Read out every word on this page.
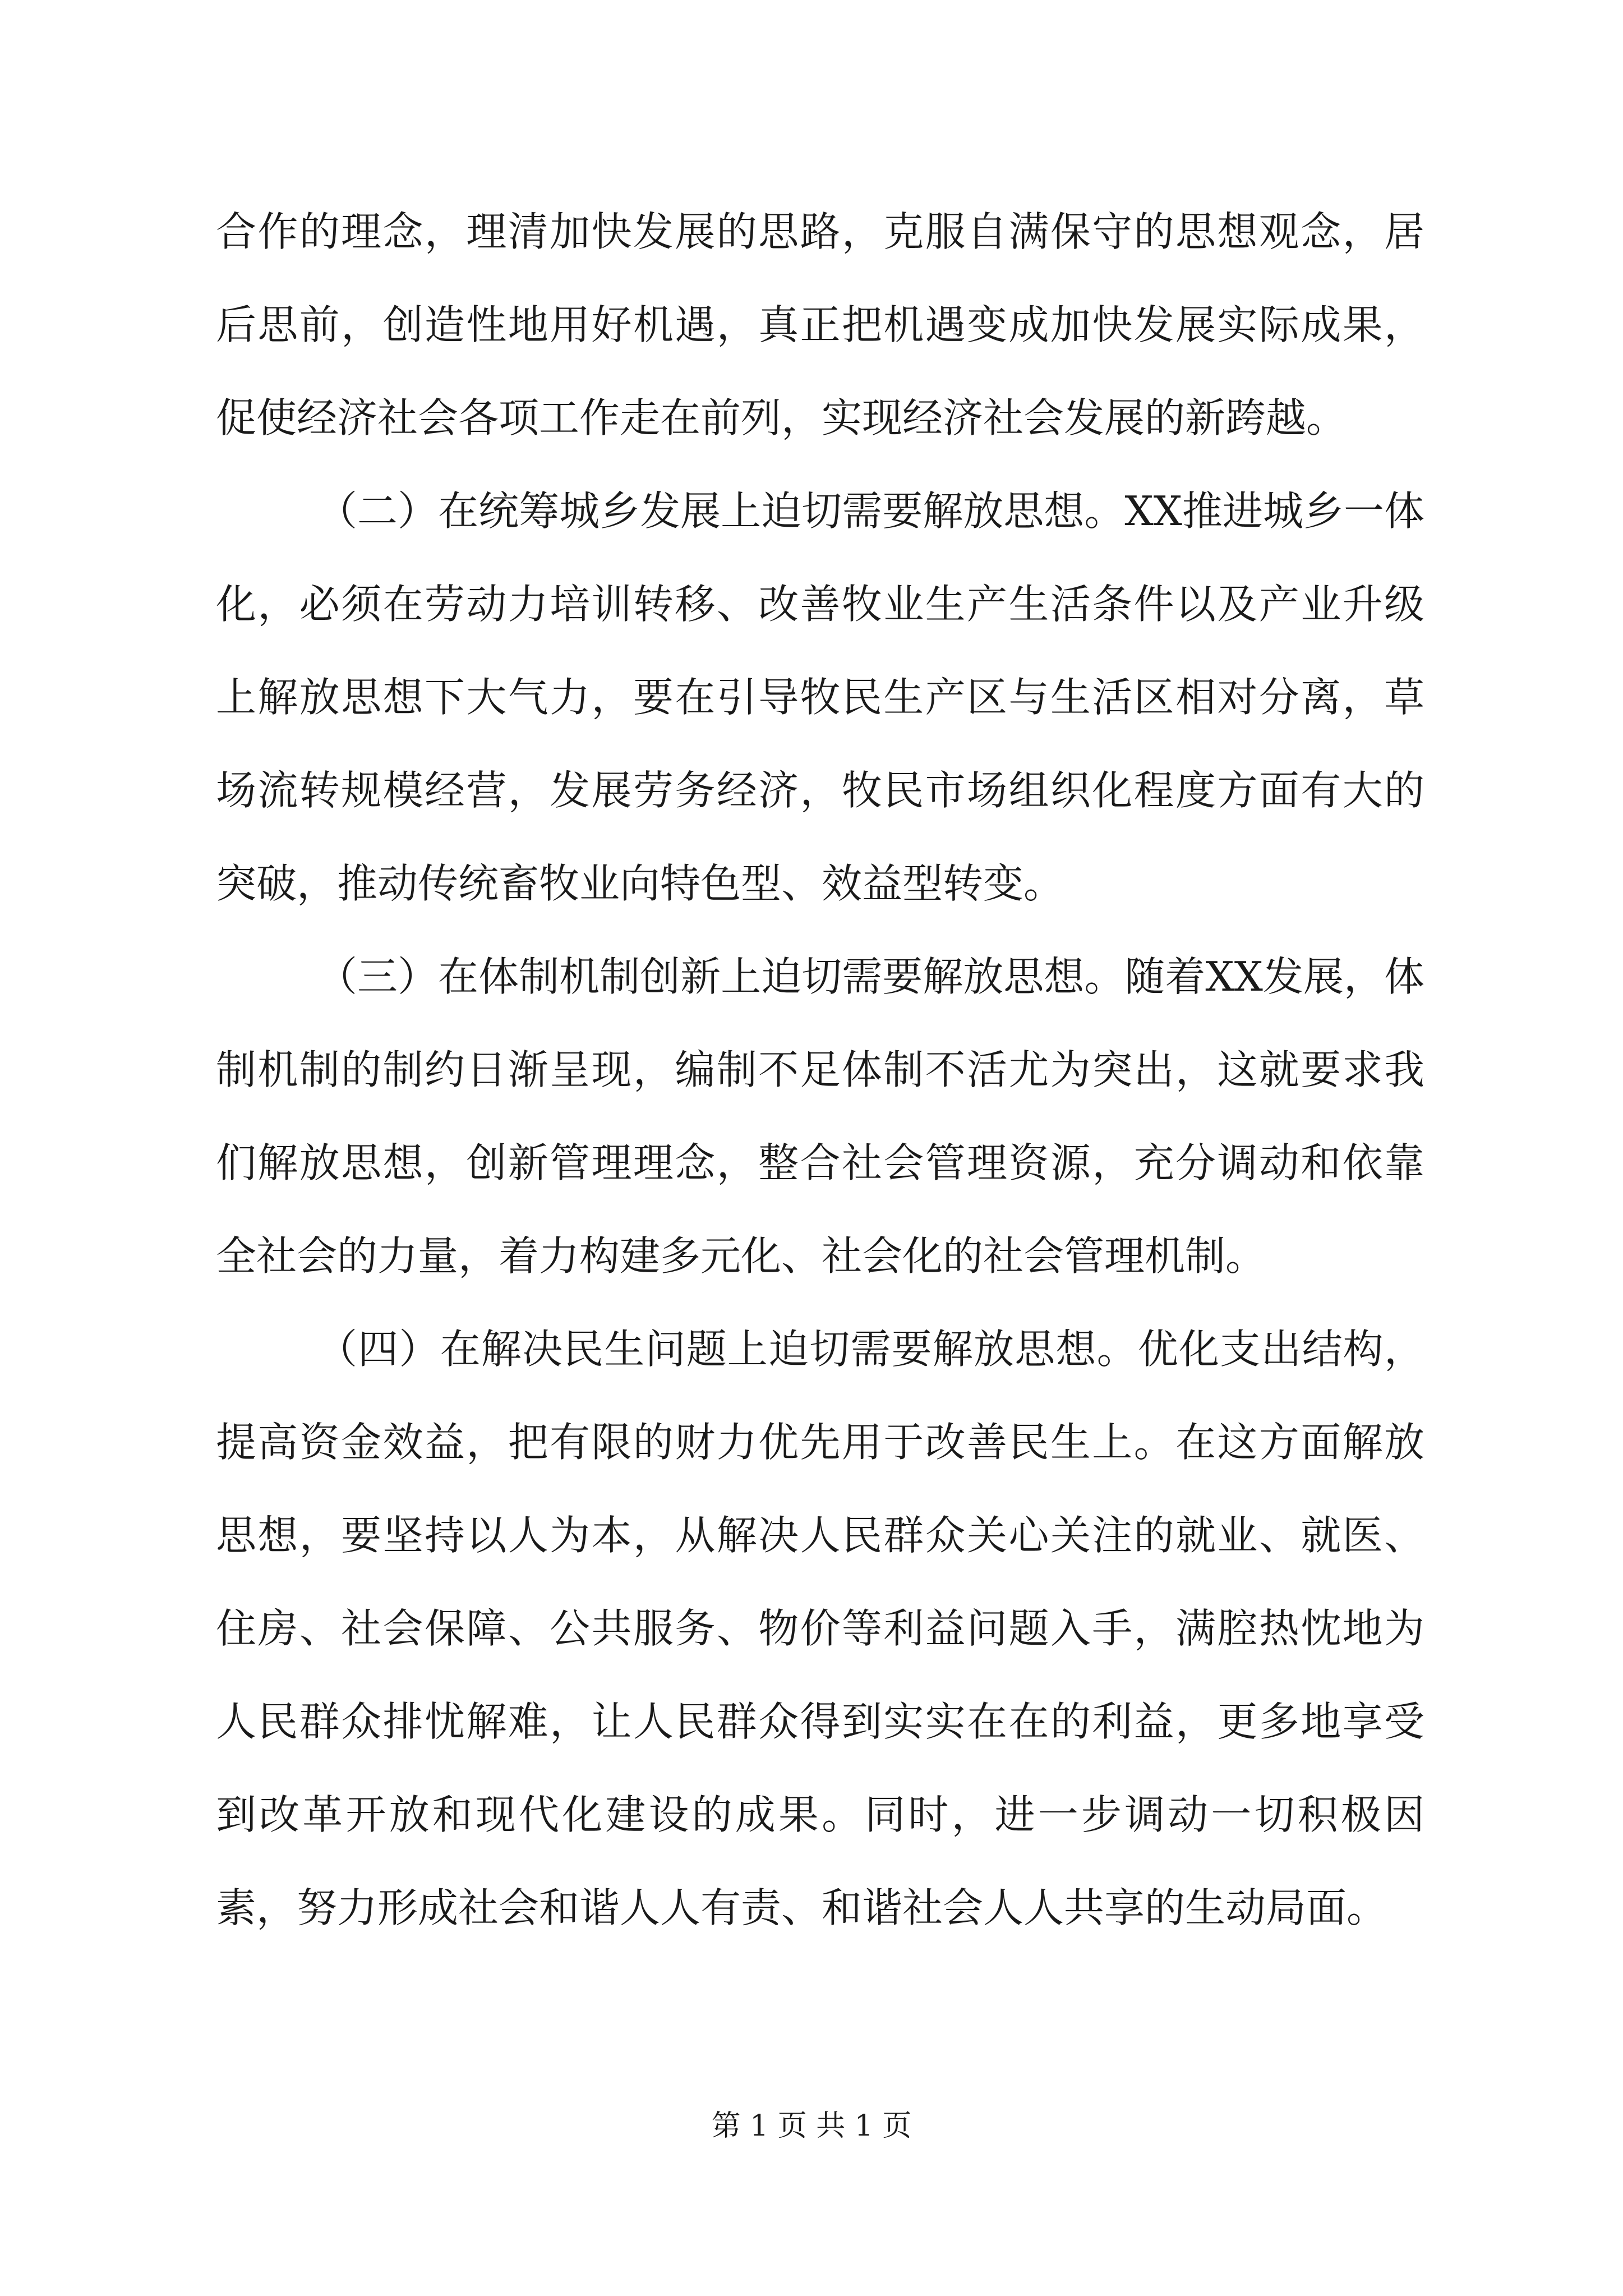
合作的理念，理清加快发展的思路，克服自满保守的思想观念，居后思前，创造性地用好机遇，真正把机遇变成加快发展实际成果，促使经济社会各项工作走在前列，实现经济社会发展的新跨越。

（二）在统筹城乡发展上迫切需要解放思想。XX推进城乡一体化，必须在劳动力培训转移、改善牧业生产生活条件以及产业升级上解放思想下大气力，要在引导牧民生产区与生活区相对分离，草场流转规模经营，发展劳务经济，牧民市场组织化程度方面有大的突破，推动传统畜牧业向特色型、效益型转变。

（三）在体制机制创新上迫切需要解放思想。随着XX发展，体制机制的制约日渐呈现，编制不足体制不活尤为突出，这就要求我们解放思想，创新管理理念，整合社会管理资源，充分调动和依靠全社会的力量，着力构建多元化、社会化的社会管理机制。

（四）在解决民生问题上迫切需要解放思想。优化支出结构，提高资金效益，把有限的财力优先用于改善民生上。在这方面解放思想，要坚持以人为本，从解决人民群众关心关注的就业、就医、住房、社会保障、公共服务、物价等利益问题入手，满腔热忱地为人民群众排忧解难，让人民群众得到实实在在的利益，更多地享受到改革开放和现代化建设的成果。同时，进一步调动一切积极因素，努力形成社会和谐人人有责、和谐社会人人共享的生动局面。

第 1 页 共 1 页
